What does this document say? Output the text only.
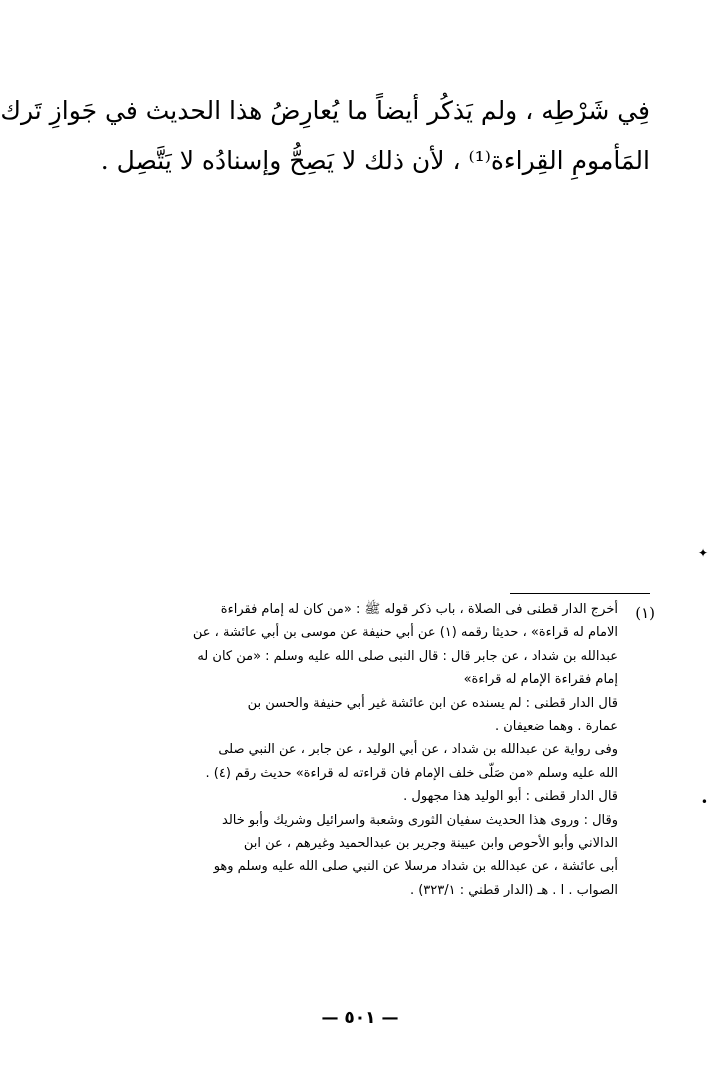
فِي شَرْطِه ، ولم يَذكُر أيضاً ما يُعارِضُ هذا الحديث في جَوازِ تَرك
المَأمومِ القِراءة⁽¹⁾ ، لأن ذلك لا يَصِحُّ وإسنادُه لا يَتَّصِل .
(١)
أخرج الدار قطنى فى الصلاة ، باب ذكر قوله ﷺ : «من كان له إمام فقراءة
الامام له قراءة» ، حديثا رقمه (١) عن أبي حنيفة عن موسى بن أبي عائشة ، عن
عبدالله بن شداد ، عن جابر قال : قال النبى صلى الله عليه وسلم : «من كان له
إمام فقراءة الإمام له قراءة»
قال الدار قطنى : لم يسنده عن ابن عائشة غير أبي حنيفة والحسن بن
عمارة . وهما ضعيفان .
وفى رواية عن عبدالله بن شداد ، عن أبي الوليد ، عن جابر ، عن النبي صلى
الله عليه وسلم «من صَلّى خلف الإمام فان قراءته له قراءة» حديث رقم (٤) .
قال الدار قطنى : أبو الوليد هذا مجهول .
وقال : وروى هذا الحديث سفيان الثورى وشعبة واسرائيل وشريك وأبو خالد
الدالاني وأبو الأحوص وابن عيينة وجرير بن عبدالحميد وغيرهم ، عن ابن
أبى عائشة ، عن عبدالله بن شداد مرسلا عن النبي صلى الله عليه وسلم وهو
الصواب . ا . هـ (الدار قطني : ٣٢٣/١) .
— ٥٠١ —
✦
•
